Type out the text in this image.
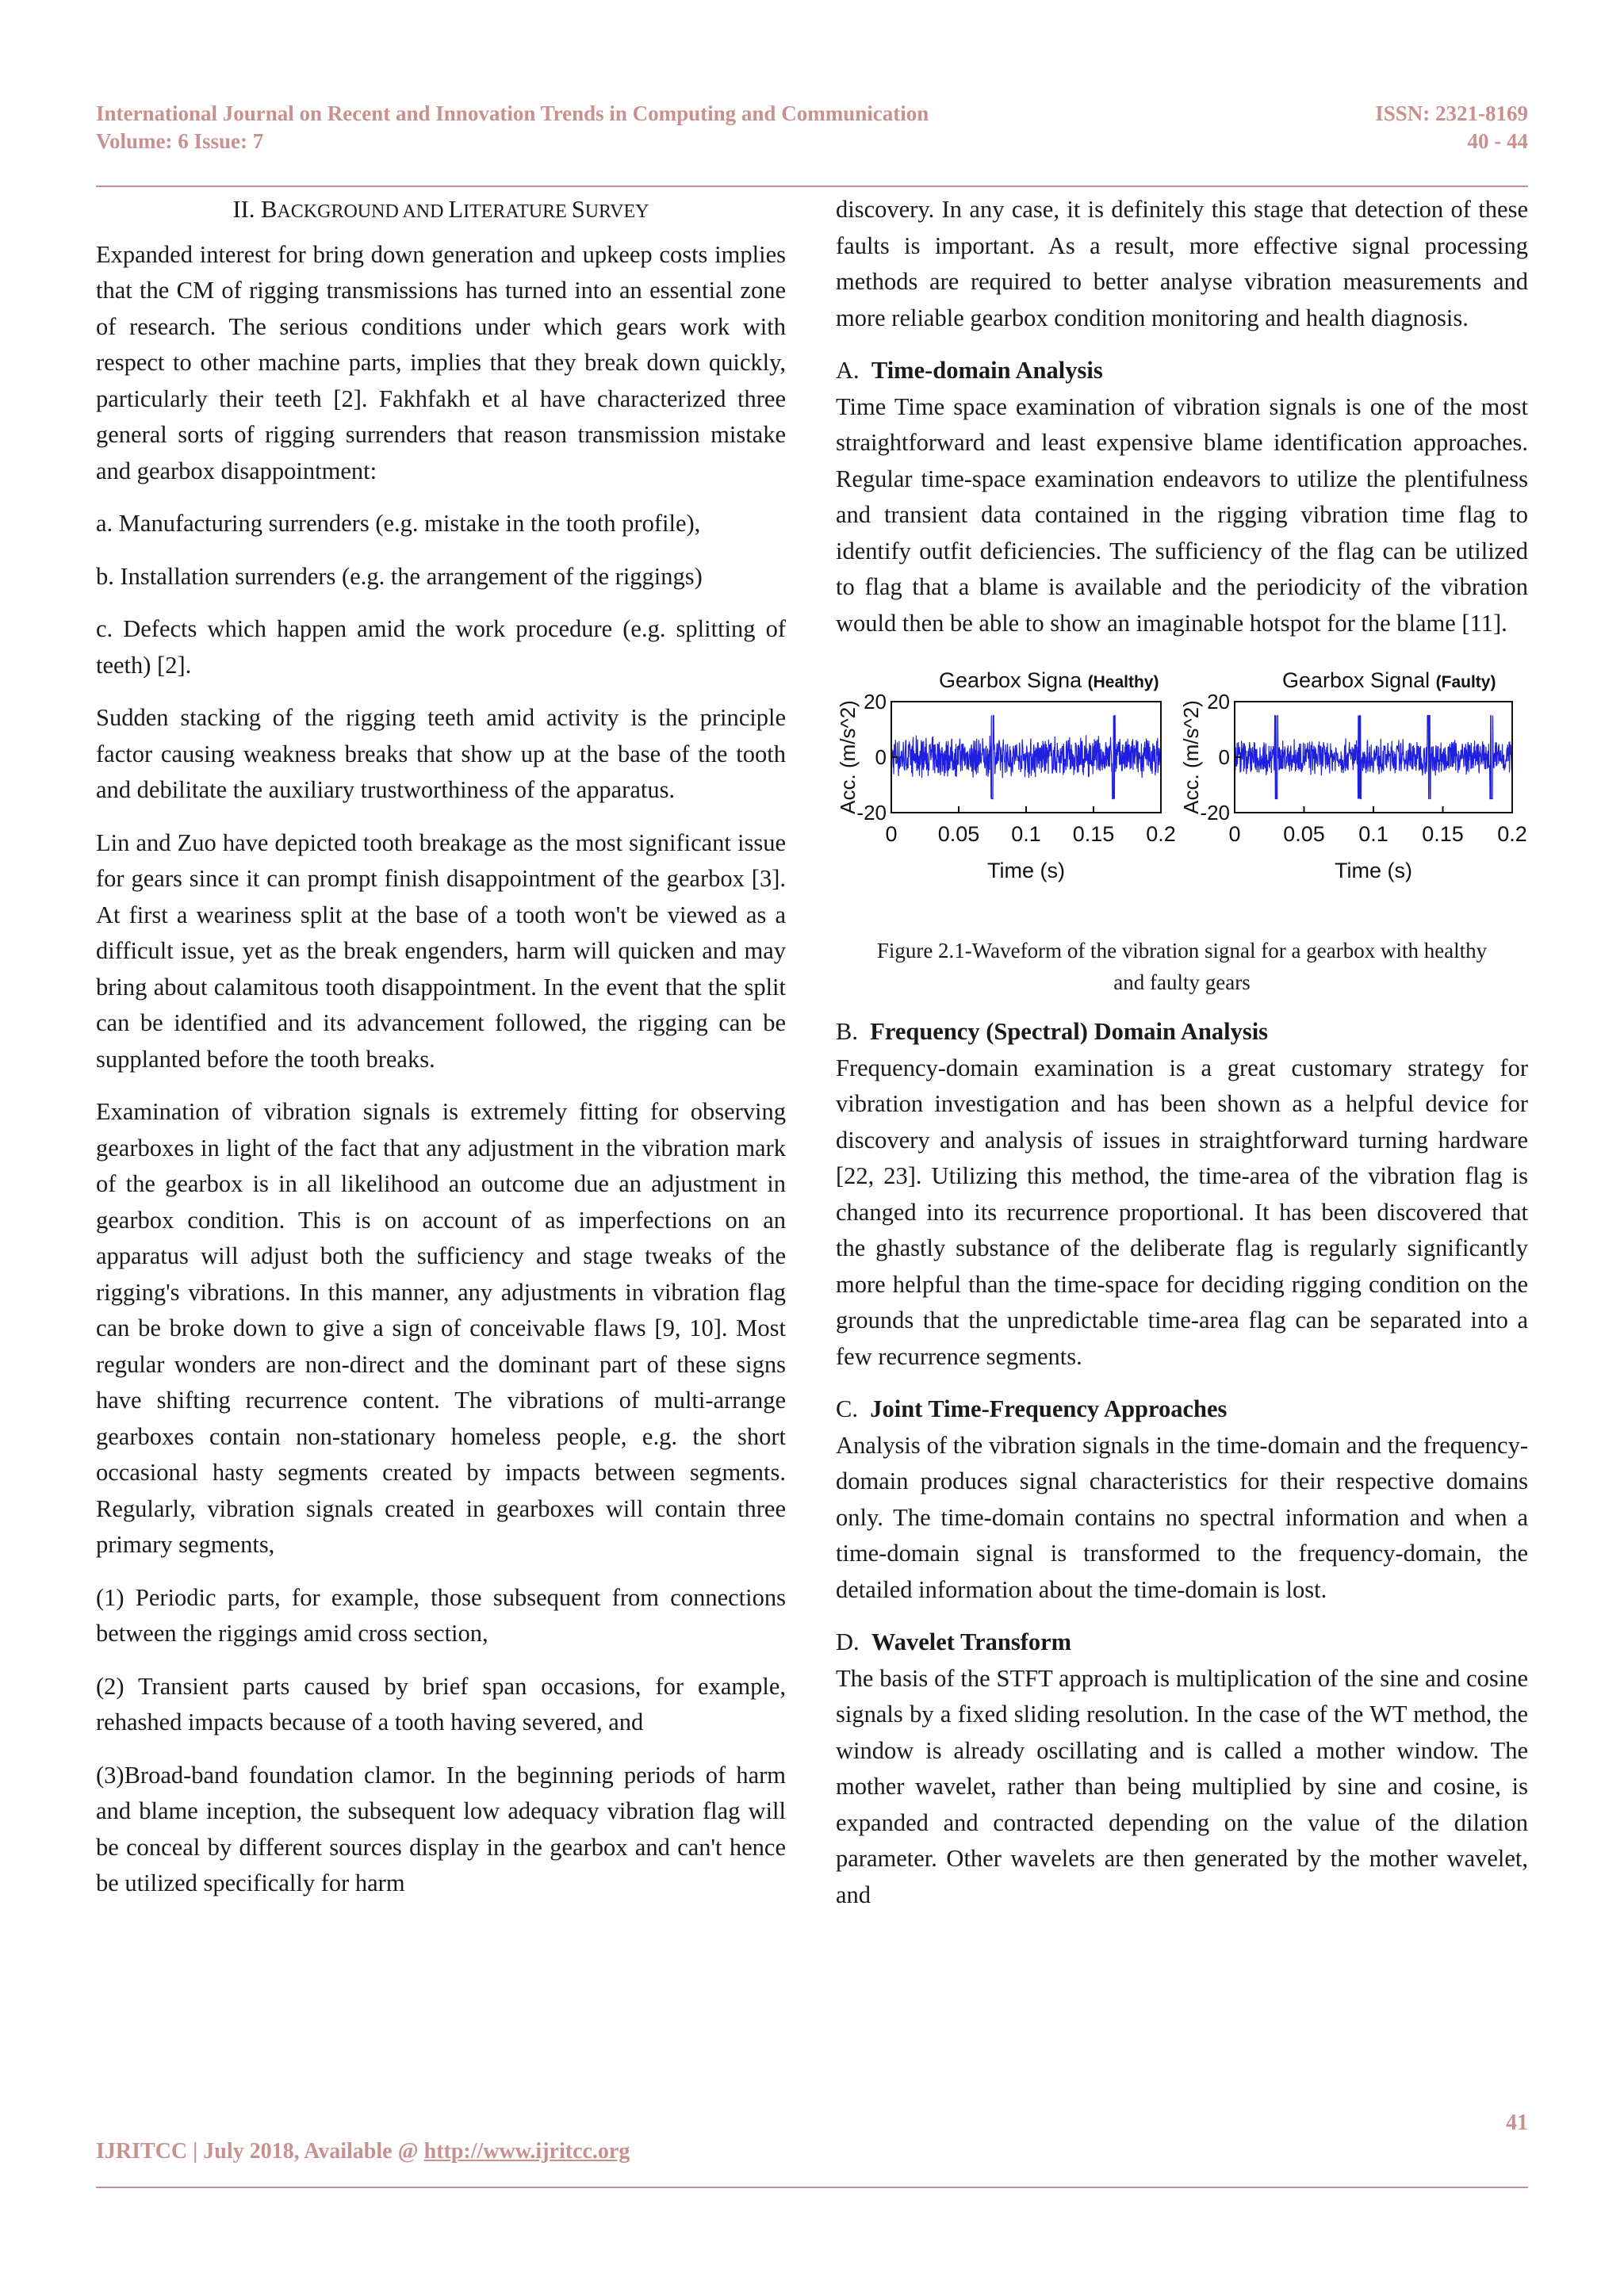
International Journal on Recent and Innovation Trends in Computing and Communication	ISSN: 2321-8169
Volume: 6 Issue: 7	40 - 44

II. BACKGROUND AND LITERATURE SURVEY

Expanded interest for bring down generation and upkeep costs implies that the CM of rigging transmissions has turned into an essential zone of research. The serious conditions under which gears work with respect to other machine parts, implies that they break down quickly, particularly their teeth [2]. Fakhfakh et al have characterized three general sorts of rigging surrenders that reason transmission mistake and gearbox disappointment:

a. Manufacturing surrenders (e.g. mistake in the tooth profile),

b. Installation surrenders (e.g. the arrangement of the riggings)

c. Defects which happen amid the work procedure (e.g. splitting of teeth) [2].

Sudden stacking of the rigging teeth amid activity is the principle factor causing weakness breaks that show up at the base of the tooth and debilitate the auxiliary trustworthiness of the apparatus.

Lin and Zuo have depicted tooth breakage as the most significant issue for gears since it can prompt finish disappointment of the gearbox [3]. At first a weariness split at the base of a tooth won't be viewed as a difficult issue, yet as the break engenders, harm will quicken and may bring about calamitous tooth disappointment. In the event that the split can be identified and its advancement followed, the rigging can be supplanted before the tooth breaks.

Examination of vibration signals is extremely fitting for observing gearboxes in light of the fact that any adjustment in the vibration mark of the gearbox is in all likelihood an outcome due an adjustment in gearbox condition. This is on account of as imperfections on an apparatus will adjust both the sufficiency and stage tweaks of the rigging's vibrations. In this manner, any adjustments in vibration flag can be broke down to give a sign of conceivable flaws [9, 10]. Most regular wonders are non-direct and the dominant part of these signs have shifting recurrence content. The vibrations of multi-arrange gearboxes contain non-stationary homeless people, e.g. the short occasional hasty segments created by impacts between segments. Regularly, vibration signals created in gearboxes will contain three primary segments,

(1) Periodic parts, for example, those subsequent from connections between the riggings amid cross section,

(2) Transient parts caused by brief span occasions, for example, rehashed impacts because of a tooth having severed, and

(3)Broad-band foundation clamor. In the beginning periods of harm and blame inception, the subsequent low adequacy vibration flag will be conceal by different sources display in the gearbox and can't hence be utilized specifically for harm

discovery. In any case, it is definitely this stage that detection of these faults is important. As a result, more effective signal processing methods are required to better analyse vibration measurements and more reliable gearbox condition monitoring and health diagnosis.

A. Time-domain Analysis

Time Time space examination of vibration signals is one of the most straightforward and least expensive blame identification approaches. Regular time-space examination endeavors to utilize the plentifulness and transient data contained in the rigging vibration time flag to identify outfit deficiencies. The sufficiency of the flag can be utilized to flag that a blame is available and the periodicity of the vibration would then be able to show an imaginable hotspot for the blame [11].

Gearbox Signa (Healthy)
20
0
-20
0 0.05 0.1 0.15 0.2
Time (s)
Acc. (m/s^2)
Gearbox Signal (Faulty)
20
0
-20
0 0.05 0.1 0.15 0.2
Time (s)
Acc. (m/s^2)

Figure 2.1-Waveform of the vibration signal for a gearbox with healthy and faulty gears

B. Frequency (Spectral) Domain Analysis

Frequency-domain examination is a great customary strategy for vibration investigation and has been shown as a helpful device for discovery and analysis of issues in straightforward turning hardware [22, 23]. Utilizing this method, the time-area of the vibration flag is changed into its recurrence proportional. It has been discovered that the ghastly substance of the deliberate flag is regularly significantly more helpful than the time-space for deciding rigging condition on the grounds that the unpredictable time-area flag can be separated into a few recurrence segments.

C. Joint Time-Frequency Approaches

Analysis of the vibration signals in the time-domain and the frequency-domain produces signal characteristics for their respective domains only. The time-domain contains no spectral information and when a time-domain signal is transformed to the frequency-domain, the detailed information about the time-domain is lost.

D. Wavelet Transform

The basis of the STFT approach is multiplication of the sine and cosine signals by a fixed sliding resolution. In the case of the WT method, the window is already oscillating and is called a mother window. The mother wavelet, rather than being multiplied by sine and cosine, is expanded and contracted depending on the value of the dilation parameter. Other wavelets are then generated by the mother wavelet, and

41
IJRITCC | July 2018, Available @ http://www.ijritcc.org
